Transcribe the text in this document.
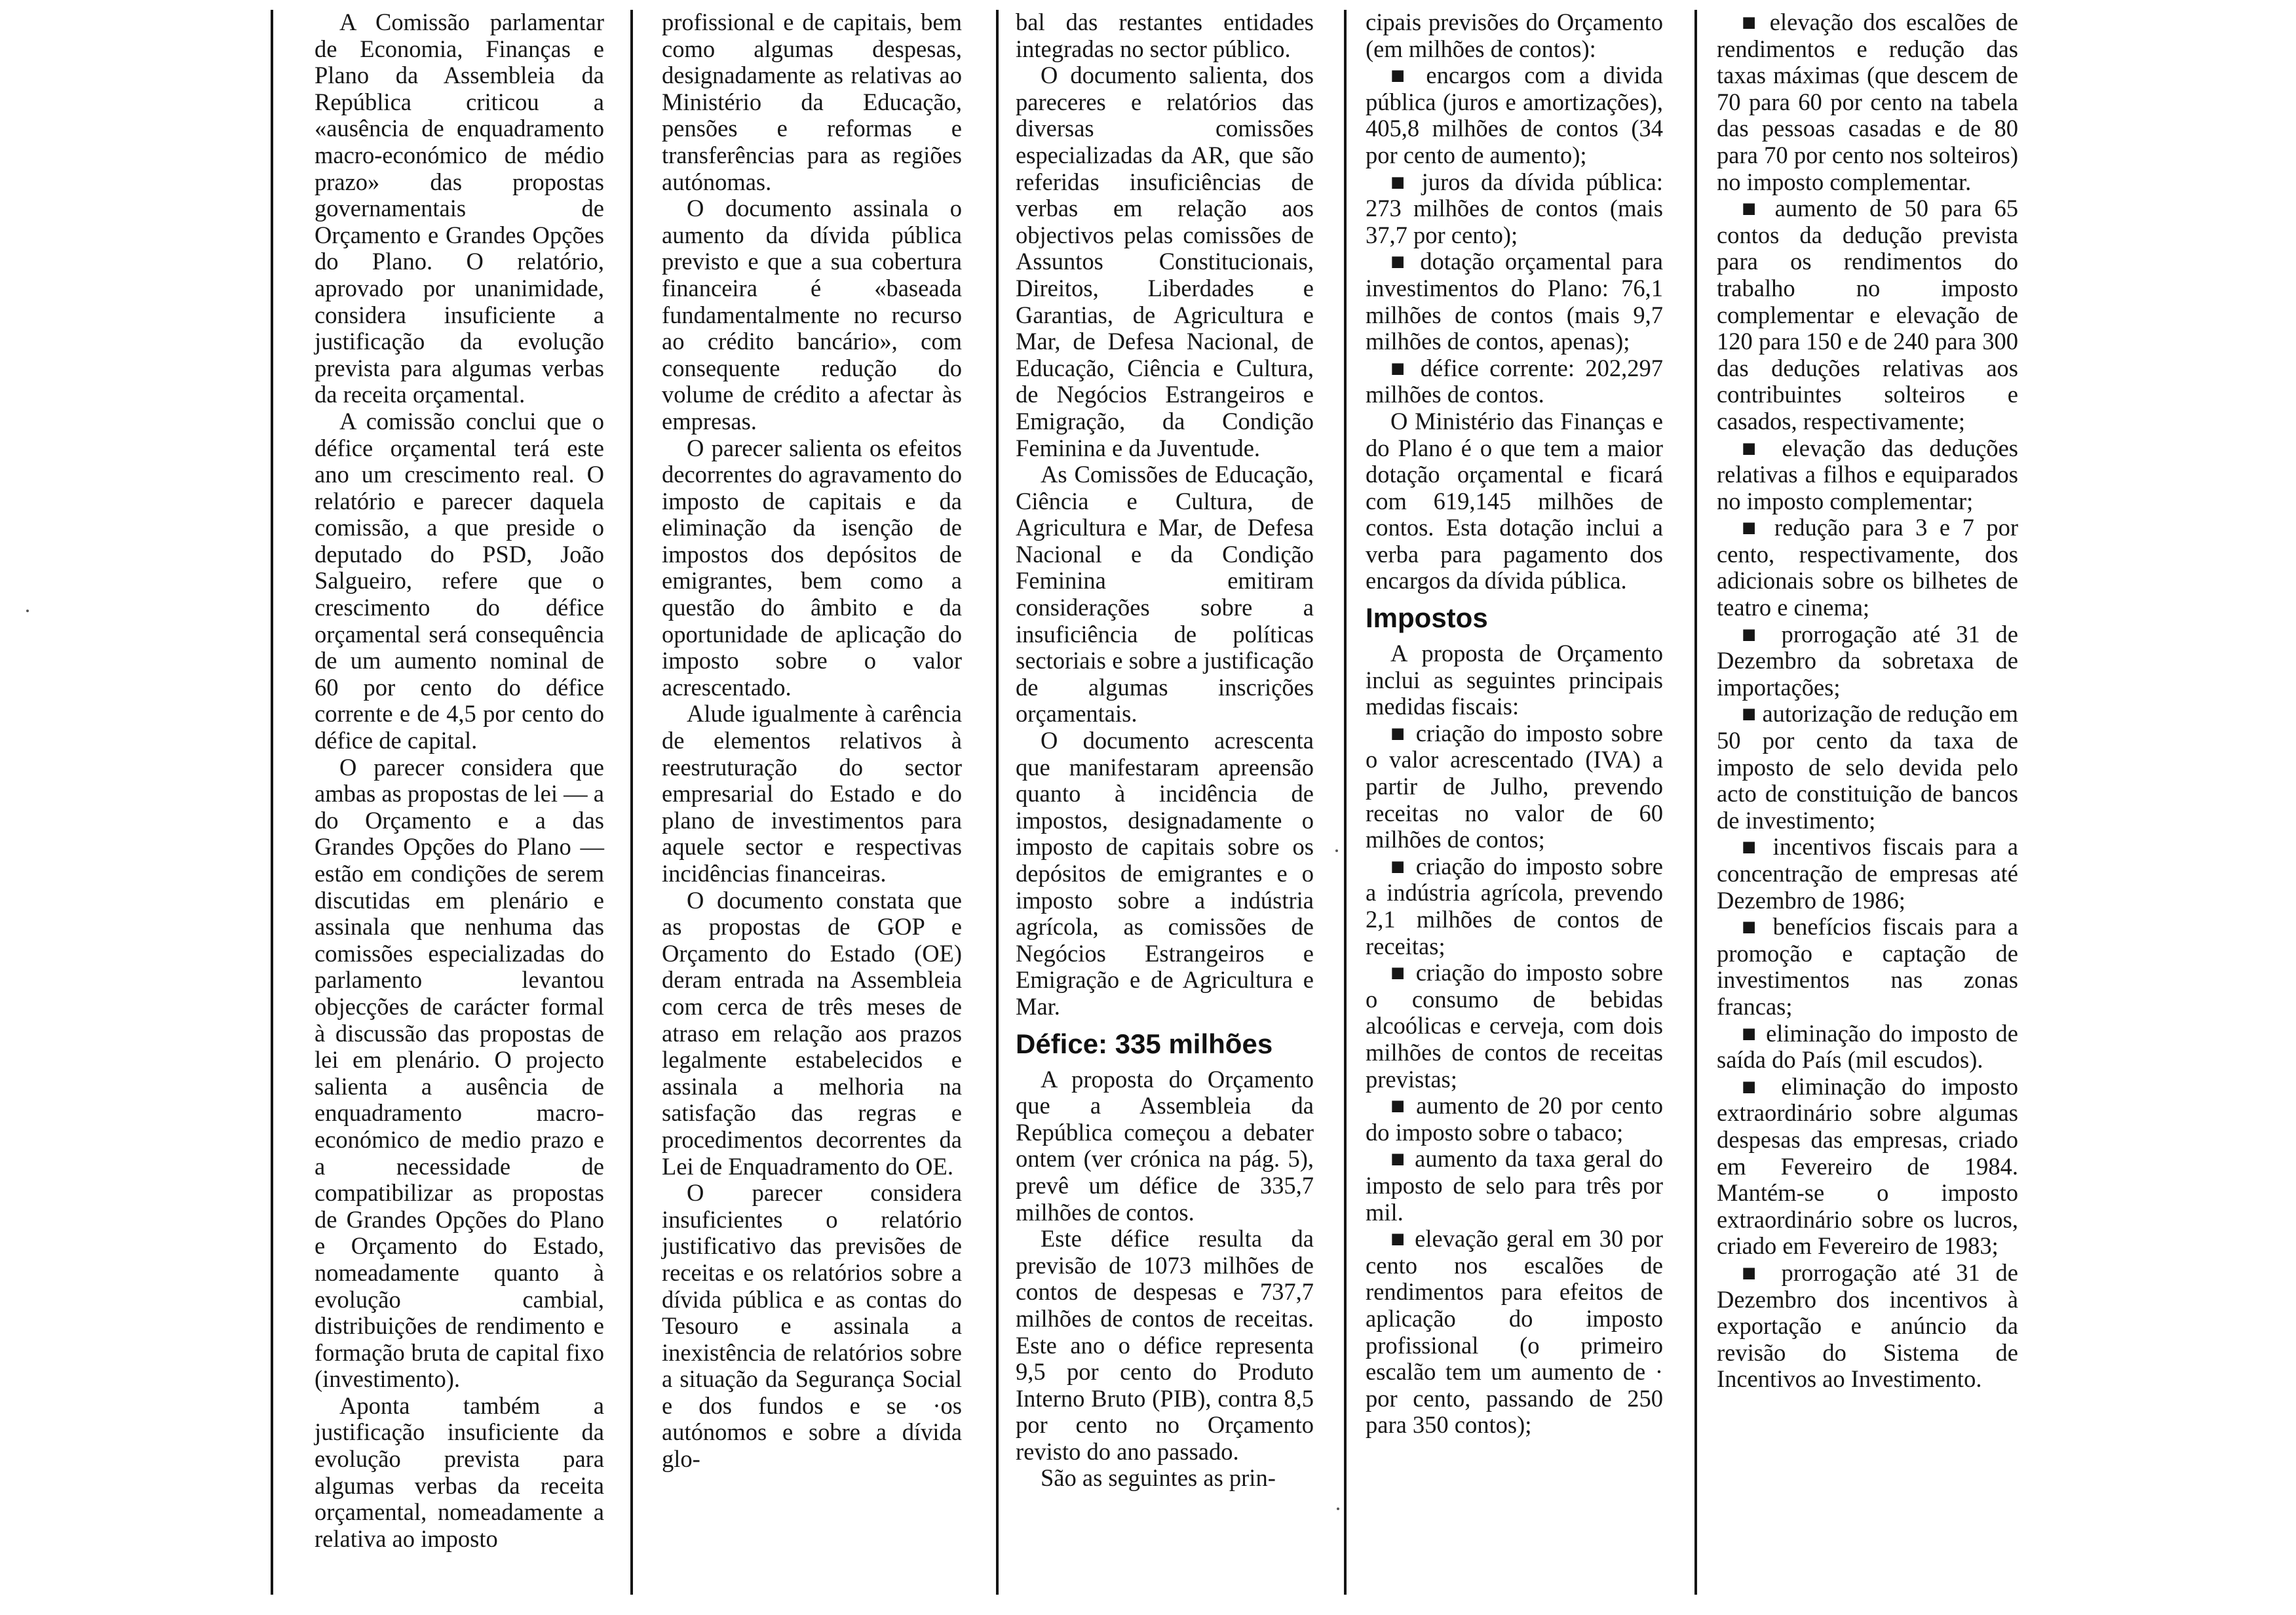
A Comissão parlamentar de Economia, Finanças e Plano da Assembleia da República criticou a «ausência de enquadramento macro-económico de médio prazo» das propostas governamentais de Orçamento e Grandes Opções do Plano. O relatório, aprovado por unanimidade, considera insuficiente a justificação da evolução prevista para algumas verbas da receita orçamental.

A comissão conclui que o défice orçamental terá este ano um crescimento real. O relatório e parecer daquela comissão, a que preside o deputado do PSD, João Salgueiro, refere que o crescimento do défice orçamental será consequência de um aumento nominal de 60 por cento do défice corrente e de 4,5 por cento do défice de capital.

O parecer considera que ambas as propostas de lei — a do Orçamento e a das Grandes Opções do Plano — estão em condições de serem discutidas em plenário e assinala que nenhuma das comissões especializadas do parlamento levantou objecções de carácter formal à discussão das propostas de lei em plenário. O projecto salienta a ausência de enquadramento macro-económico de medio prazo e a necessidade de compatibilizar as propostas de Grandes Opções do Plano e Orçamento do Estado, nomeadamente quanto à evolução cambial, distribuições de rendimento e formação bruta de capital fixo (investimento).

Aponta também a justificação insuficiente da evolução prevista para algumas verbas da receita orçamental, nomeadamente a relativa ao imposto

profissional e de capitais, bem como algumas despesas, designadamente as relativas ao Ministério da Educação, pensões e reformas e transferências para as regiões autónomas.

O documento assinala o aumento da dívida pública previsto e que a sua cobertura financeira é «baseada fundamentalmente no recurso ao crédito bancário», com consequente redução do volume de crédito a afectar às empresas.

O parecer salienta os efeitos decorrentes do agravamento do imposto de capitais e da eliminação da isenção de impostos dos depósitos de emigrantes, bem como a questão do âmbito e da oportunidade de aplicação do imposto sobre o valor acrescentado.

Alude igualmente à carência de elementos relativos à reestruturação do sector empresarial do Estado e do plano de investimentos para aquele sector e respectivas incidências financeiras.

O documento constata que as propostas de GOP e Orçamento do Estado (OE) deram entrada na Assembleia com cerca de três meses de atraso em relação aos prazos legalmente estabelecidos e assinala a melhoria na satisfação das regras e procedimentos decorrentes da Lei de Enquadramento do OE.

O parecer considera insuficientes o relatório justificativo das previsões de receitas e os relatórios sobre a dívida pública e as contas do Tesouro e assinala a inexistência de relatórios sobre a situação da Segurança Social e dos fundos e se ·os autónomos e sobre a dívida glo-

bal das restantes entidades integradas no sector público.

O documento salienta, dos pareceres e relatórios das diversas comissões especializadas da AR, que são referidas insuficiências de verbas em relação aos objectivos pelas comissões de Assuntos Constitucionais, Direitos, Liberdades e Garantias, de Agricultura e Mar, de Defesa Nacional, de Educação, Ciência e Cultura, de Negócios Estrangeiros e Emigração, da Condição Feminina e da Juventude.

As Comissões de Educação, Ciência e Cultura, de Agricultura e Mar, de Defesa Nacional e da Condição Feminina emitiram considerações sobre a insuficiência de políticas sectoriais e sobre a justificação de algumas inscrições orçamentais.

O documento acrescenta que manifestaram apreensão quanto à incidência de impostos, designadamente o imposto de capitais sobre os depósitos de emigrantes e o imposto sobre a indústria agrícola, as comissões de Negócios Estrangeiros e Emigração e de Agricultura e Mar.

Défice: 335 milhões

A proposta do Orçamento que a Assembleia da República começou a debater ontem (ver crónica na pág. 5), prevê um défice de 335,7 milhões de contos.

Este défice resulta da previsão de 1073 milhões de contos de despesas e 737,7 milhões de contos de receitas. Este ano o défice representa 9,5 por cento do Produto Interno Bruto (PIB), contra 8,5 por cento no Orçamento revisto do ano passado.

São as seguintes as prin-

cipais previsões do Orçamento (em milhões de contos):

■ encargos com a divida pública (juros e amortizações), 405,8 milhões de contos (34 por cento de aumento);

■ juros da dívida pública: 273 milhões de contos (mais 37,7 por cento);

■ dotação orçamental para investimentos do Plano: 76,1 milhões de contos (mais 9,7 milhões de contos, apenas);

■ défice corrente: 202,297 milhões de contos.

O Ministério das Finanças e do Plano é o que tem a maior dotação orçamental e ficará com 619,145 milhões de contos. Esta dotação inclui a verba para pagamento dos encargos da dívida pública.

Impostos

A proposta de Orçamento inclui as seguintes principais medidas fiscais:

■ criação do imposto sobre o valor acrescentado (IVA) a partir de Julho, prevendo receitas no valor de 60 milhões de contos;

■ criação do imposto sobre a indústria agrícola, prevendo 2,1 milhões de contos de receitas;

■ criação do imposto sobre o consumo de bebidas alcoólicas e cerveja, com dois milhões de contos de receitas previstas;

■ aumento de 20 por cento do imposto sobre o tabaco;

■ aumento da taxa geral do imposto de selo para três por mil.

■ elevação geral em 30 por cento nos escalões de rendimentos para efeitos de aplicação do imposto profissional (o primeiro escalão tem um aumento de · por cento, passando de 250 para 350 contos);

■ elevação dos escalões de rendimentos e redução das taxas máximas (que descem de 70 para 60 por cento na tabela das pessoas casadas e de 80 para 70 por cento nos solteiros) no imposto complementar.

■ aumento de 50 para 65 contos da dedução prevista para os rendimentos do trabalho no imposto complementar e elevação de 120 para 150 e de 240 para 300 das deduções relativas aos contribuintes solteiros e casados, respectivamente;

■ elevação das deduções relativas a filhos e equiparados no imposto complementar;

■ redução para 3 e 7 por cento, respectivamente, dos adicionais sobre os bilhetes de teatro e cinema;

■ prorrogação até 31 de Dezembro da sobretaxa de importações;

■ autorização de redução em 50 por cento da taxa de imposto de selo devida pelo acto de constituição de bancos de investimento;

■ incentivos fiscais para a concentração de empresas até Dezembro de 1986;

■ benefícios fiscais para a promoção e captação de investimentos nas zonas francas;

■ eliminação do imposto de saída do País (mil escudos).

■ eliminação do imposto extraordinário sobre algumas despesas das empresas, criado em Fevereiro de 1984. Mantém-se o imposto extraordinário sobre os lucros, criado em Fevereiro de 1983;

■ prorrogação até 31 de Dezembro dos incentivos à exportação e anúncio da revisão do Sistema de Incentivos ao Investimento.
